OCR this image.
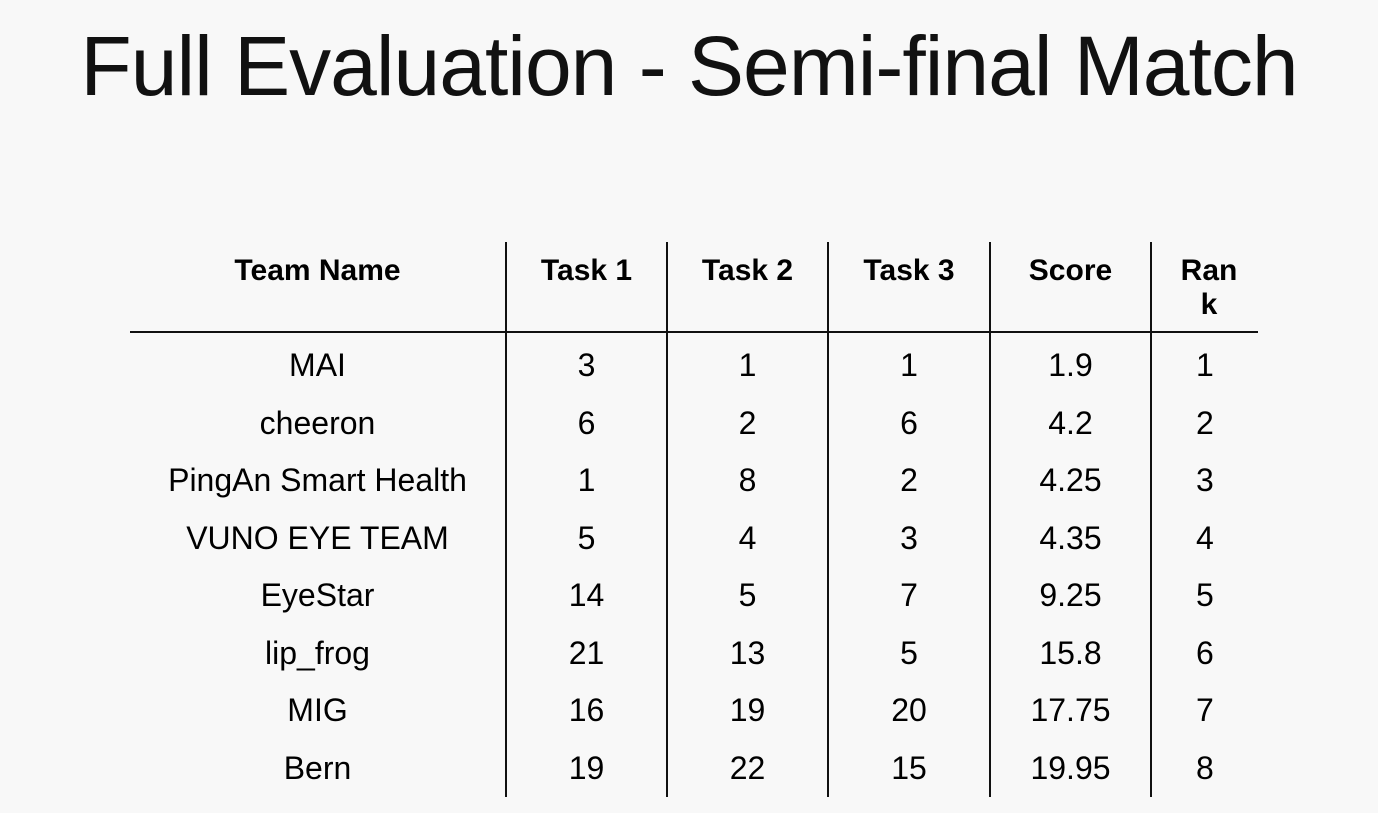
Full Evaluation - Semi-final Match
Team Name	Task 1	Task 2	Task 3	Score	Rank

MAI	3	1	1	1.9	1
cheeron	6	2	6	4.2	2
PingAn Smart Health	1	8	2	4.25	3
VUNO EYE TEAM	5	4	3	4.35	4
EyeStar	14	5	7	9.25	5
lip_frog	21	13	5	15.8	6
MIG	16	19	20	17.75	7
Bern	19	22	15	19.95	8
